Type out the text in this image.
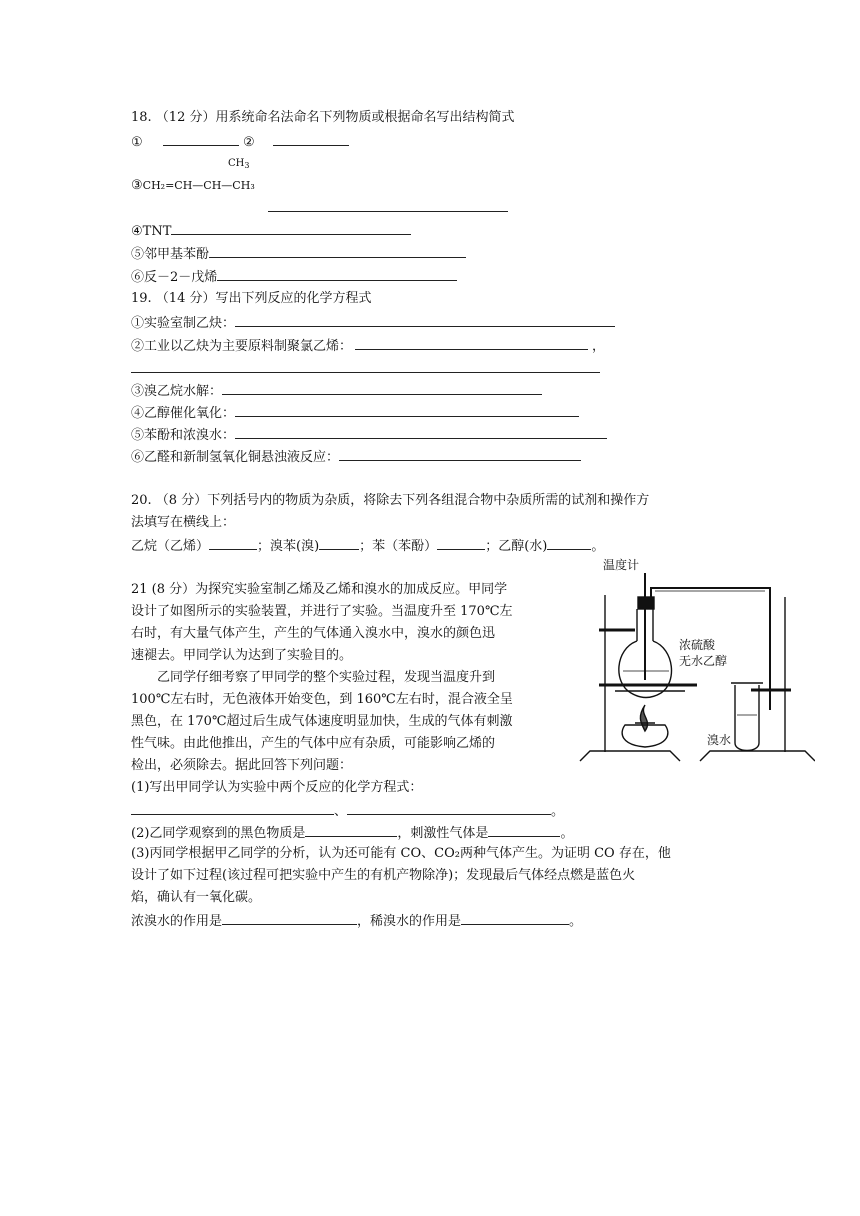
18. （12 分）用系统命名法命名下列物质或根据命名写出结构简式
①	②
$CH_3$
③CH₂=CH—CH—CH₃
④TNT
⑤邻甲基苯酚
⑥反－2－戊烯
19. （14 分）写出下列反应的化学方程式
①实验室制乙炔：
②工业以乙炔为主要原料制聚氯乙烯：	，
③溴乙烷水解：
④乙醇催化氧化：
⑤苯酚和浓溴水：
⑥乙醛和新制氢氧化铜悬浊液反应：
20. （8 分）下列括号内的物质为杂质，将除去下列各组混合物中杂质所需的试剂和操作方
法填写在横线上：
乙烷（乙烯）	；溴苯(溴)	；苯（苯酚）	；乙醇(水)	。
21 (8 分）为探究实验室制乙烯及乙烯和溴水的加成反应。甲同学
设计了如图所示的实验装置，并进行了实验。当温度升至 170℃左
右时，有大量气体产生，产生的气体通入溴水中，溴水的颜色迅
速褪去。甲同学认为达到了实验目的。
乙同学仔细考察了甲同学的整个实验过程，发现当温度升到
100℃左右时，无色液体开始变色，到 160℃左右时，混合液全呈
黑色，在 170℃超过后生成气体速度明显加快，生成的气体有刺激
性气味。由此他推出，产生的气体中应有杂质，可能影响乙烯的
检出，必须除去。据此回答下列问题：
(1)写出甲同学认为实验中两个反应的化学方程式：
、	。
(2)乙同学观察到的黑色物质是	，刺激性气体是	。
(3)丙同学根据甲乙同学的分析，认为还可能有 CO、CO₂两种气体产生。为证明 CO 存在，他
设计了如下过程(该过程可把实验中产生的有机产物除净)；发现最后气体经点燃是蓝色火
焰，确认有一氧化碳。
浓溴水的作用是	，稀溴水的作用是	。
温度计
浓硫酸
无水乙醇
溴水
